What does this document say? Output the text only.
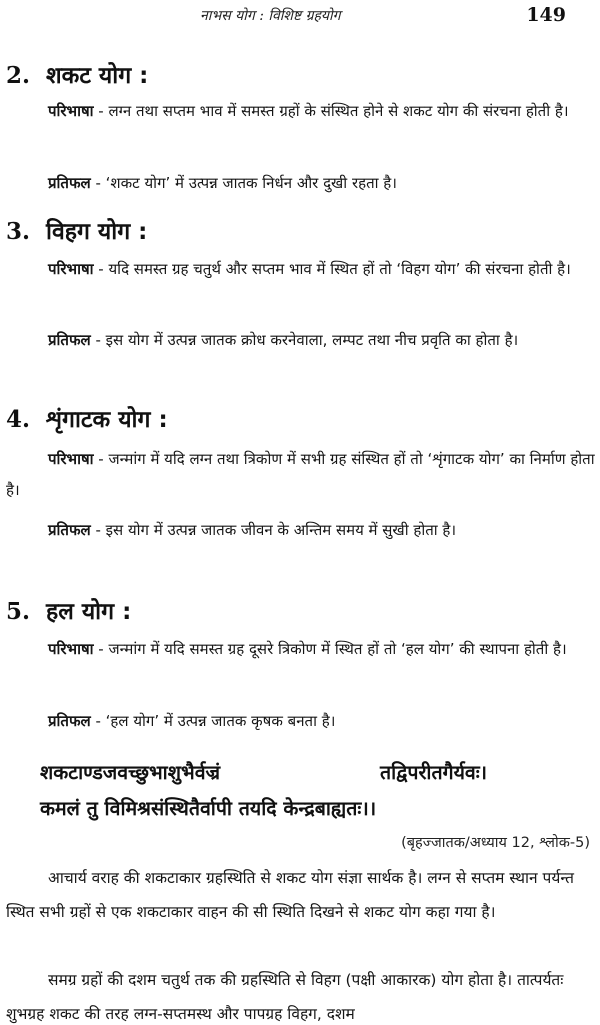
नाभस योग : विशिष्ट ग्रहयोग	149
2. शकट योग :

परिभाषा - लग्न तथा सप्तम भाव में समस्त ग्रहों के संस्थित होने से शकट योग की संरचना होती है।

प्रतिफल - ‘शकट योग’ में उत्पन्न जातक निर्धन और दुखी रहता है।

3. विहग योग :

परिभाषा - यदि समस्त ग्रह चतुर्थ और सप्तम भाव में स्थित हों तो ‘विहग योग’ की संरचना होती है।

प्रतिफल - इस योग में उत्पन्न जातक क्रोध करनेवाला, लम्पट तथा नीच प्रवृति का होता है।

4. शृंगाटक योग :

परिभाषा - जन्मांग में यदि लग्न तथा त्रिकोण में सभी ग्रह संस्थित हों तो ‘शृंगाटक योग’ का निर्माण होता है।

प्रतिफल - इस योग में उत्पन्न जातक जीवन के अन्तिम समय में सुखी होता है।

5. हल योग :

परिभाषा - जन्मांग में यदि समस्त ग्रह दूसरे त्रिकोण में स्थित हों तो ‘हल योग’ की स्थापना होती है।

प्रतिफल - ‘हल योग’ में उत्पन्न जातक कृषक बनता है।

शकटाण्डजवच्छुभाशुभैर्वज्रं	तद्विपरीतगैर्यवः।
कमलं तु विमिश्रसंस्थितैर्वापी तयदि केन्द्रबाह्यतः।।
(बृहज्जातक/अध्याय 12, श्लोक-5)

आचार्य वराह की शकटाकार ग्रहस्थिति से शकट योग संज्ञा सार्थक है। लग्न से सप्तम स्थान पर्यन्त स्थित सभी ग्रहों से एक शकटाकार वाहन की सी स्थिति दिखने से शकट योग कहा गया है।

समग्र ग्रहों की दशम चतुर्थ तक की ग्रहस्थिति से विहग (पक्षी आकारक) योग होता है। तात्पर्यतः शुभग्रह शकट की तरह लग्न-सप्तमस्थ और पापग्रह विहग, दशम
